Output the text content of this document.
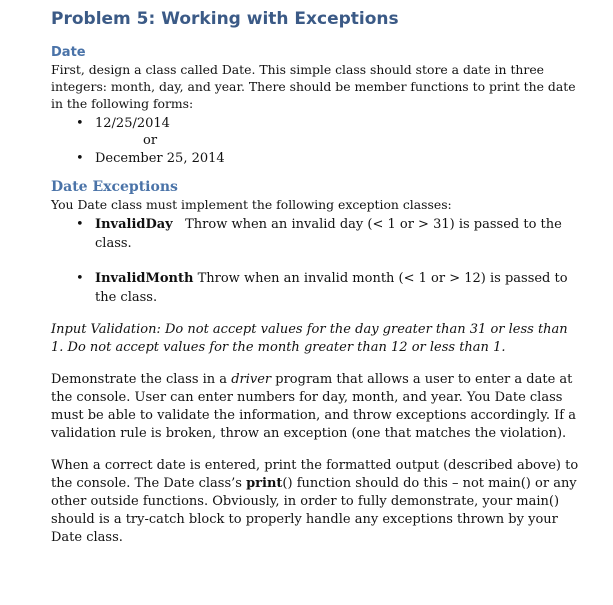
Problem 5: Working with Exceptions
Date

First, design a class called Date. This simple class should store a date in three integers: month, day, and year. There should be member functions to print the date in the following forms:

• 12/25/2014
or
• December 25, 2014
Date Exceptions

You Date class must implement the following exception classes:

• InvalidDay Throw when an invalid day (< 1 or > 31) is passed to the class.
• InvalidMonth Throw when an invalid month (< 1 or > 12) is passed to the class.

Input Validation: Do not accept values for the day greater than 31 or less than 1. Do not accept values for the month greater than 12 or less than 1.

Demonstrate the class in a driver program that allows a user to enter a date at the console. User can enter numbers for day, month, and year. You Date class must be able to validate the information, and throw exceptions accordingly. If a validation rule is broken, throw an exception (one that matches the violation).

When a correct date is entered, print the formatted output (described above) to the console. The Date class’s print() function should do this – not main() or any other outside functions. Obviously, in order to fully demonstrate, your main() should is a try-catch block to properly handle any exceptions thrown by your Date class.
